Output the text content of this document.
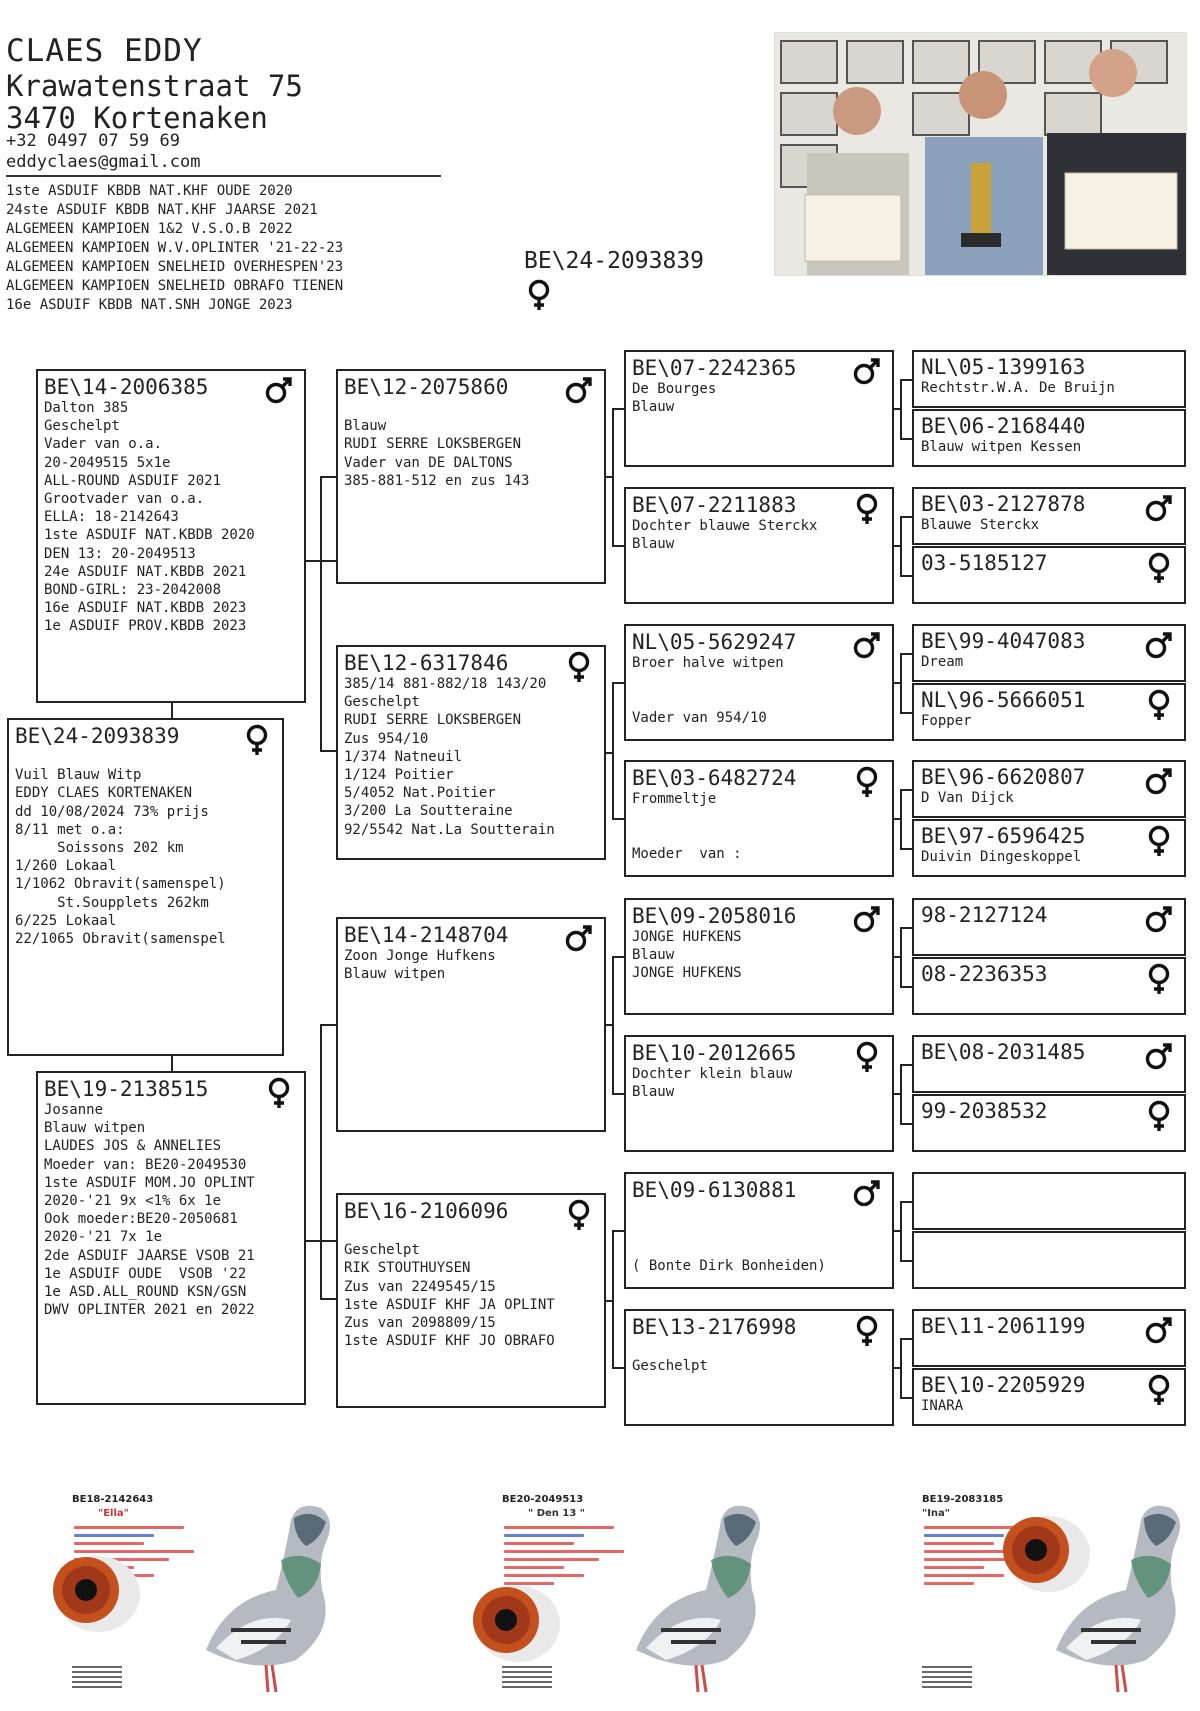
CLAES EDDY
Krawatenstraat 75
3470 Kortenaken
+32 0497 07 59 69
eddyclaes@gmail.com
1ste ASDUIF KBDB NAT.KHF OUDE 2020
24ste ASDUIF KBDB NAT.KHF JAARSE 2021
ALGEMEEN KAMPIOEN 1&2 V.S.O.B 2022
ALGEMEEN KAMPIOEN W.V.OPLINTER '21-22-23
ALGEMEEN KAMPIOEN SNELHEID OVERHESPEN'23
ALGEMEEN KAMPIOEN SNELHEID OBRAFO TIENEN
16e ASDUIF KBDB NAT.SNH JONGE 2023
BE\24-2093839
BE\14-2006385
Dalton 385
Geschelpt
Vader van o.a.
20-2049515 5x1e
ALL-ROUND ASDUIF 2021
Grootvader van o.a.
ELLA: 18-2142643
1ste ASDUIF NAT.KBDB 2020
DEN 13: 20-2049513
24e ASDUIF NAT.KBDB 2021
BOND-GIRL: 23-2042008
16e ASDUIF NAT.KBDB 2023
1e ASDUIF PROV.KBDB 2023
BE\24-2093839
Vuil Blauw Witp
EDDY CLAES KORTENAKEN
dd 10/08/2024 73% prijs
8/11 met o.a:
Soissons 202 km
1/260 Lokaal
1/1062 Obravit(samenspel)
St.Soupplets 262km
6/225 Lokaal
22/1065 Obravit(samenspel
BE\19-2138515
Josanne
Blauw witpen
LAUDES JOS & ANNELIES
Moeder van: BE20-2049530
1ste ASDUIF MOM.JO OPLINT
2020-'21 9x <1% 6x 1e
Ook moeder:BE20-2050681
2020-'21 7x 1e
2de ASDUIF JAARSE VSOB 21
1e ASDUIF OUDE  VSOB '22
1e ASD.ALL_ROUND KSN/GSN
DWV OPLINTER 2021 en 2022
BE\12-2075860
Blauw
RUDI SERRE LOKSBERGEN
Vader van DE DALTONS
385-881-512 en zus 143
BE\12-6317846
385/14 881-882/18 143/20
Geschelpt
RUDI SERRE LOKSBERGEN
Zus 954/10
1/374 Natneuil
1/124 Poitier
5/4052 Nat.Poitier
3/200 La Soutteraine
92/5542 Nat.La Soutterain
BE\14-2148704
Zoon Jonge Hufkens
Blauw witpen
BE\16-2106096
Geschelpt
RIK STOUTHUYSEN
Zus van 2249545/15
1ste ASDUIF KHF JA OPLINT
Zus van 2098809/15
1ste ASDUIF KHF JO OBRAFO
BE\07-2242365
De Bourges
Blauw
BE\07-2211883
Dochter blauwe Sterckx
Blauw
NL\05-5629247
Broer halve witpen
Vader van 954/10
BE\03-6482724
Frommeltje
Moeder  van :
BE\09-2058016
JONGE HUFKENS
Blauw
JONGE HUFKENS
BE\10-2012665
Dochter klein blauw
Blauw
BE\09-6130881
( Bonte Dirk Bonheiden)
BE\13-2176998
Geschelpt
NL\05-1399163
Rechtstr.W.A. De Bruijn
BE\06-2168440
Blauw witpen Kessen
BE\03-2127878
Blauwe Sterckx
03-5185127
BE\99-4047083
Dream
NL\96-5666051
Fopper
BE\96-6620807
D Van Dijck
BE\97-6596425
Duivin Dingeskoppel
98-2127124
08-2236353
BE\08-2031485
99-2038532
BE\11-2061199
BE\10-2205929
INARA
BE18-2142643
"Ella"
BE20-2049513
" Den 13 "
BE19-2083185
"Ina"
